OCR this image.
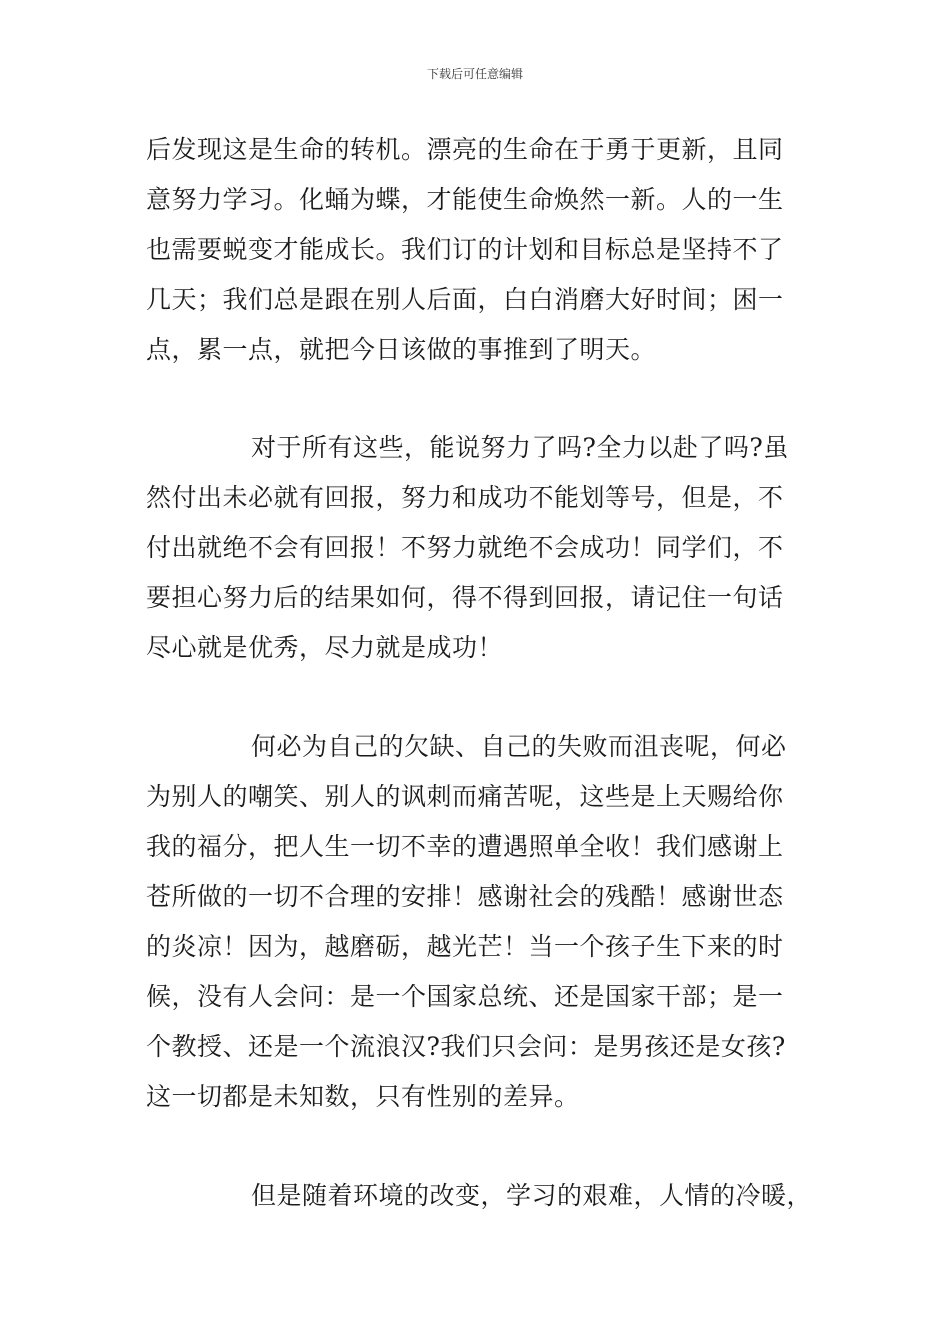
下载后可任意编辑
后发现这是生命的转机。漂亮的生命在于勇于更新，且同
意努力学习。化蛹为蝶，才能使生命焕然一新。人的一生
也需要蜕变才能成长。我们订的计划和目标总是坚持不了
几天；我们总是跟在别人后面，白白消磨大好时间；困一
点，累一点，就把今日该做的事推到了明天。
对于所有这些，能说努力了吗?全力以赴了吗?虽
然付出未必就有回报，努力和成功不能划等号，但是，不
付出就绝不会有回报！不努力就绝不会成功！同学们，不
要担心努力后的结果如何，得不得到回报，请记住一句话
尽心就是优秀，尽力就是成功！
何必为自己的欠缺、自己的失败而沮丧呢，何必
为别人的嘲笑、别人的讽刺而痛苦呢，这些是上天赐给你
我的福分，把人生一切不幸的遭遇照单全收！我们感谢上
苍所做的一切不合理的安排！感谢社会的残酷！感谢世态
的炎凉！因为，越磨砺，越光芒！当一个孩子生下来的时
候，没有人会问：是一个国家总统、还是国家干部；是一
个教授、还是一个流浪汉?我们只会问：是男孩还是女孩?
这一切都是未知数，只有性别的差异。
但是随着环境的改变，学习的艰难，人情的冷暖，
